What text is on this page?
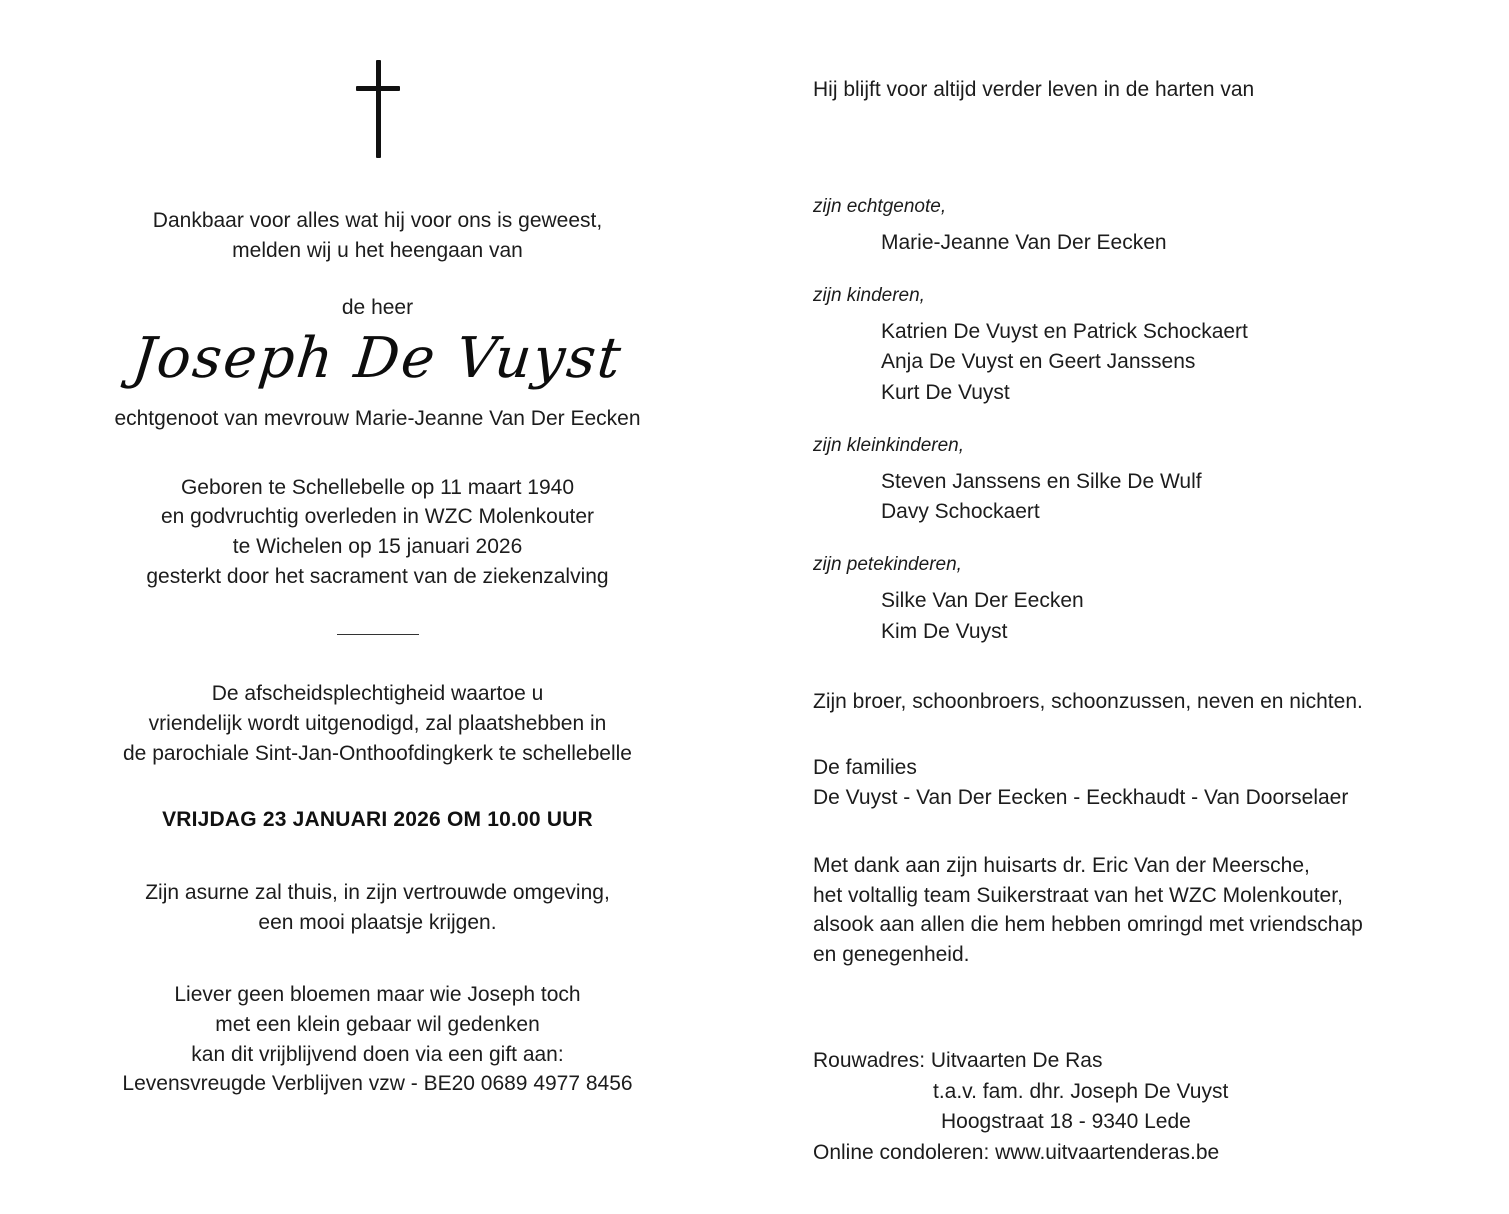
Dankbaar voor alles wat hij voor ons is geweest,
melden wij u het heengaan van
de heer
Joseph De Vuyst
echtgenoot van mevrouw Marie-Jeanne Van Der Eecken
Geboren te Schellebelle op 11 maart 1940
en godvruchtig overleden in WZC Molenkouter
te Wichelen op 15 januari 2026
gesterkt door het sacrament van de ziekenzalving
De afscheidsplechtigheid waartoe u
vriendelijk wordt uitgenodigd, zal plaatshebben in
de parochiale Sint-Jan-Onthoofdingkerk te schellebelle
VRIJDAG 23 JANUARI 2026 OM 10.00 UUR
Zijn asurne zal thuis, in zijn vertrouwde omgeving,
een mooi plaatsje krijgen.
Liever geen bloemen maar wie Joseph toch
met een klein gebaar wil gedenken
kan dit vrijblijvend doen via een gift aan:
Levensvreugde Verblijven vzw - BE20 0689 4977 8456
Hij blijft voor altijd verder leven in de harten van
zijn echtgenote,
Marie-Jeanne Van Der Eecken
zijn kinderen,
Katrien De Vuyst en Patrick Schockaert
Anja De Vuyst en Geert Janssens
Kurt De Vuyst
zijn kleinkinderen,
Steven Janssens en Silke De Wulf
Davy Schockaert
zijn petekinderen,
Silke Van Der Eecken
Kim De Vuyst
Zijn broer, schoonbroers, schoonzussen, neven en nichten.
De families
De Vuyst - Van Der Eecken - Eeckhaudt - Van Doorselaer
Met dank aan zijn huisarts dr. Eric Van der Meersche,
het voltallig team Suikerstraat van het WZC Molenkouter,
alsook aan allen die hem hebben omringd met vriendschap
en genegenheid.
Rouwadres: Uitvaarten De Ras
t.a.v. fam. dhr. Joseph De Vuyst
Hoogstraat 18 - 9340 Lede
Online condoleren: www.uitvaartenderas.be
